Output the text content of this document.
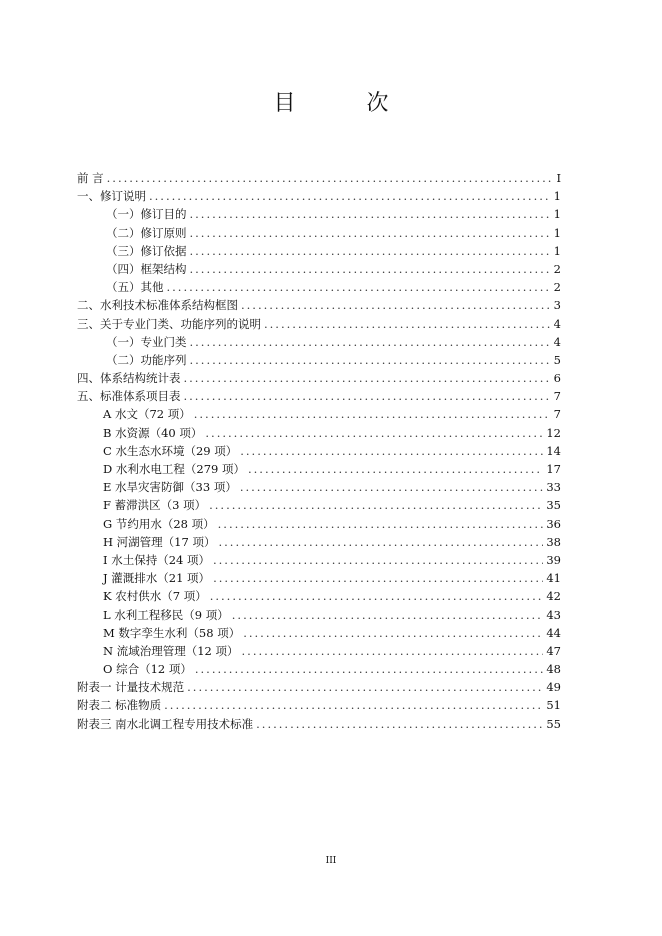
目 次
前 言 .....	I
一、修订说明 .....	1
（一）修订目的 .....	1
（二）修订原则 .....	1
（三）修订依据 .....	1
（四）框架结构 .....	2
（五）其他 .....	2
二、水利技术标准体系结构框图 .....	3
三、关于专业门类、功能序列的说明 .....	4
（一）专业门类 .....	4
（二）功能序列 .....	5
四、体系结构统计表 .....	6
五、标准体系项目表 .....	7
A 水文（72 项） .....	7
B 水资源（40 项） .....	12
C 水生态水环境（29 项） .....	14
D 水利水电工程（279 项） .....	17
E 水旱灾害防御（33 项） .....	33
F 蓄滞洪区（3 项） .....	35
G 节约用水（28 项） .....	36
H 河湖管理（17 项） .....	38
I 水土保持（24 项） .....	39
J 灌溉排水（21 项） .....	41
K 农村供水（7 项） .....	42
L 水利工程移民（9 项） .....	43
M 数字孪生水利（58 项） .....	44
N 流域治理管理（12 项） .....	47
O 综合（12 项） .....	48
附表一 计量技术规范 .....	49
附表二 标准物质 .....	51
附表三 南水北调工程专用技术标准 .....	55
III
